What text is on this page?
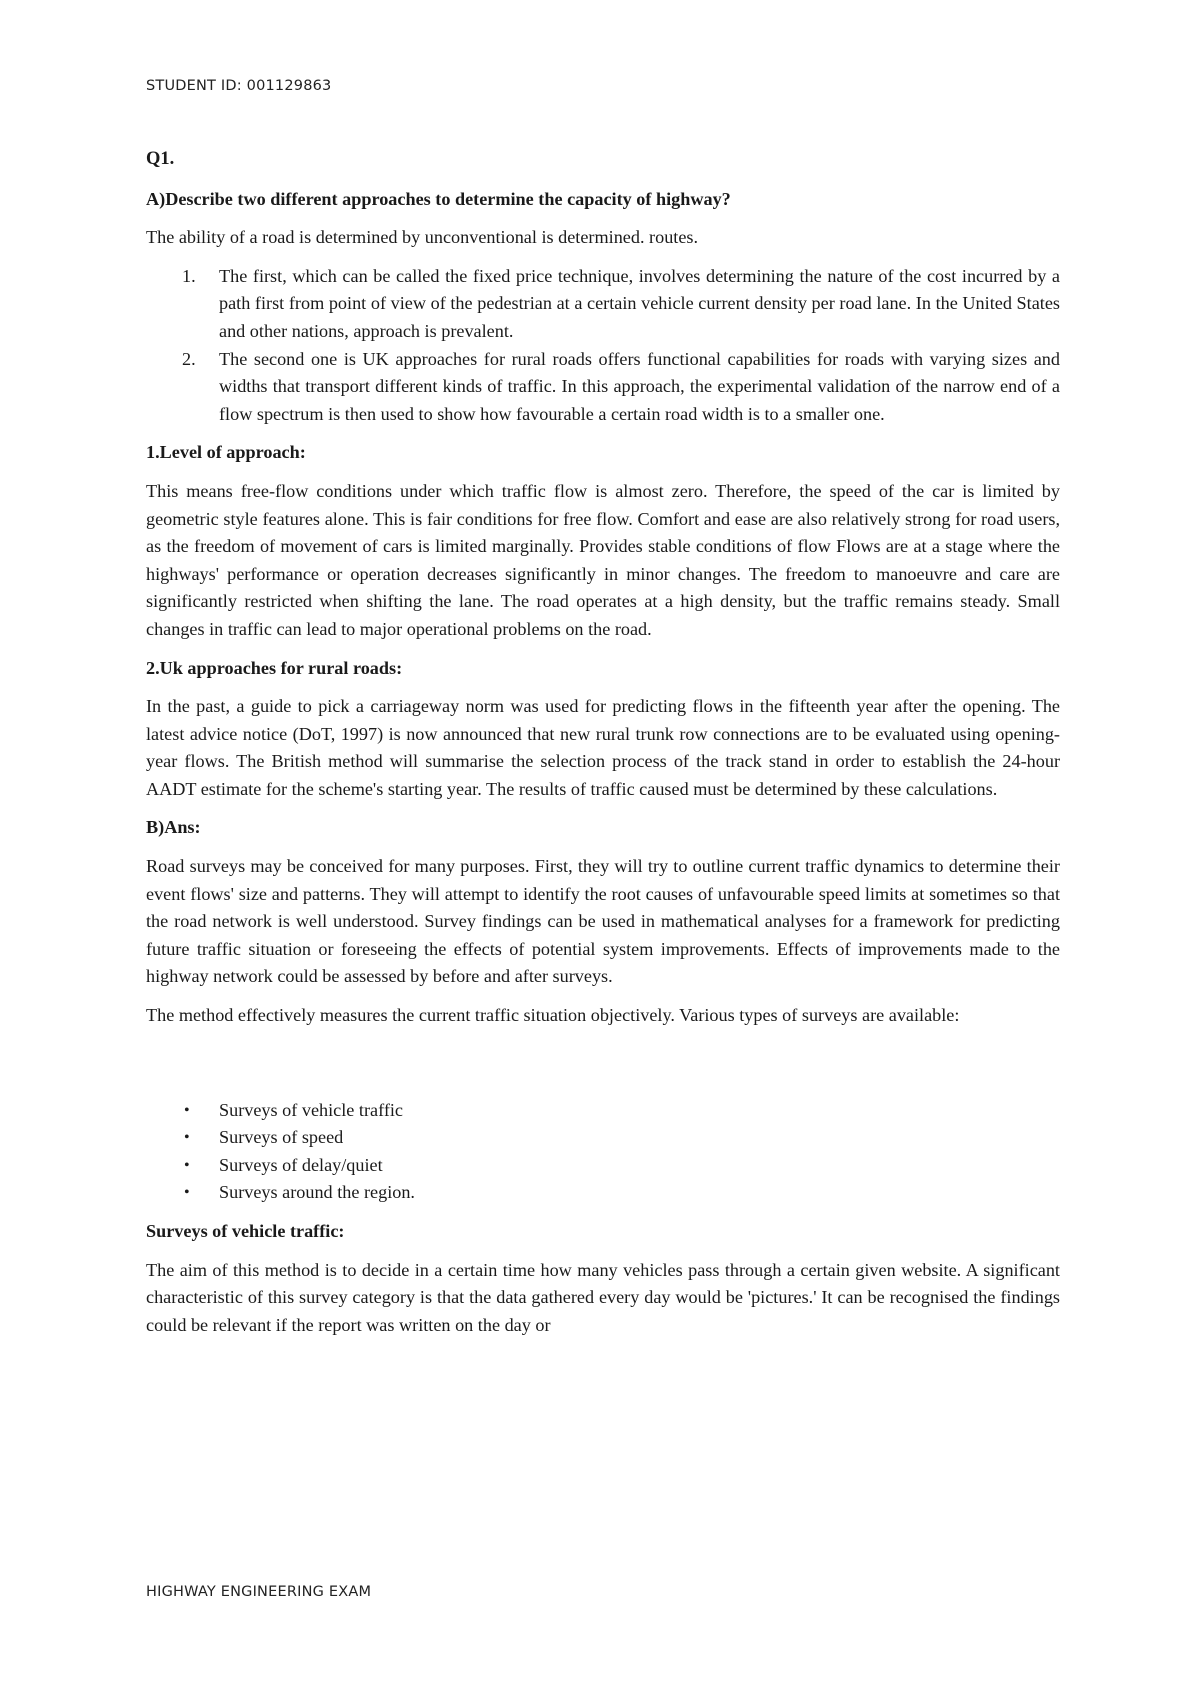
STUDENT ID: 001129863

Q1.

A)Describe two different approaches to determine the capacity of highway?

The ability of a road is determined by unconventional is determined. routes.

1. The first, which can be called the fixed price technique, involves determining the nature of the cost incurred by a path first from point of view of the pedestrian at a certain vehicle current density per road lane. In the United States and other nations, approach is prevalent.
2. The second one is UK approaches for rural roads offers functional capabilities for roads with varying sizes and widths that transport different kinds of traffic. In this approach, the experimental validation of the narrow end of a flow spectrum is then used to show how favourable a certain road width is to a smaller one.

1.Level of approach:

This means free-flow conditions under which traffic flow is almost zero. Therefore, the speed of the car is limited by geometric style features alone. This is fair conditions for free flow. Comfort and ease are also relatively strong for road users, as the freedom of movement of cars is limited marginally. Provides stable conditions of flow Flows are at a stage where the highways' performance or operation decreases significantly in minor changes. The freedom to manoeuvre and care are significantly restricted when shifting the lane. The road operates at a high density, but the traffic remains steady. Small changes in traffic can lead to major operational problems on the road.

2.Uk approaches for rural roads:

In the past, a guide to pick a carriageway norm was used for predicting flows in the fifteenth year after the opening. The latest advice notice (DoT, 1997) is now announced that new rural trunk row connections are to be evaluated using opening-year flows. The British method will summarise the selection process of the track stand in order to establish the 24-hour AADT estimate for the scheme's starting year. The results of traffic caused must be determined by these calculations.

B)Ans:

Road surveys may be conceived for many purposes. First, they will try to outline current traffic dynamics to determine their event flows' size and patterns. They will attempt to identify the root causes of unfavourable speed limits at sometimes so that the road network is well understood. Survey findings can be used in mathematical analyses for a framework for predicting future traffic situation or foreseeing the effects of potential system improvements. Effects of improvements made to the highway network could be assessed by before and after surveys.

The method effectively measures the current traffic situation objectively. Various types of surveys are available:

• Surveys of vehicle traffic
• Surveys of speed
• Surveys of delay/quiet
• Surveys around the region.

Surveys of vehicle traffic:

The aim of this method is to decide in a certain time how many vehicles pass through a certain given website. A significant characteristic of this survey category is that the data gathered every day would be 'pictures.' It can be recognised the findings could be relevant if the report was written on the day or

HIGHWAY ENGINEERING EXAM
